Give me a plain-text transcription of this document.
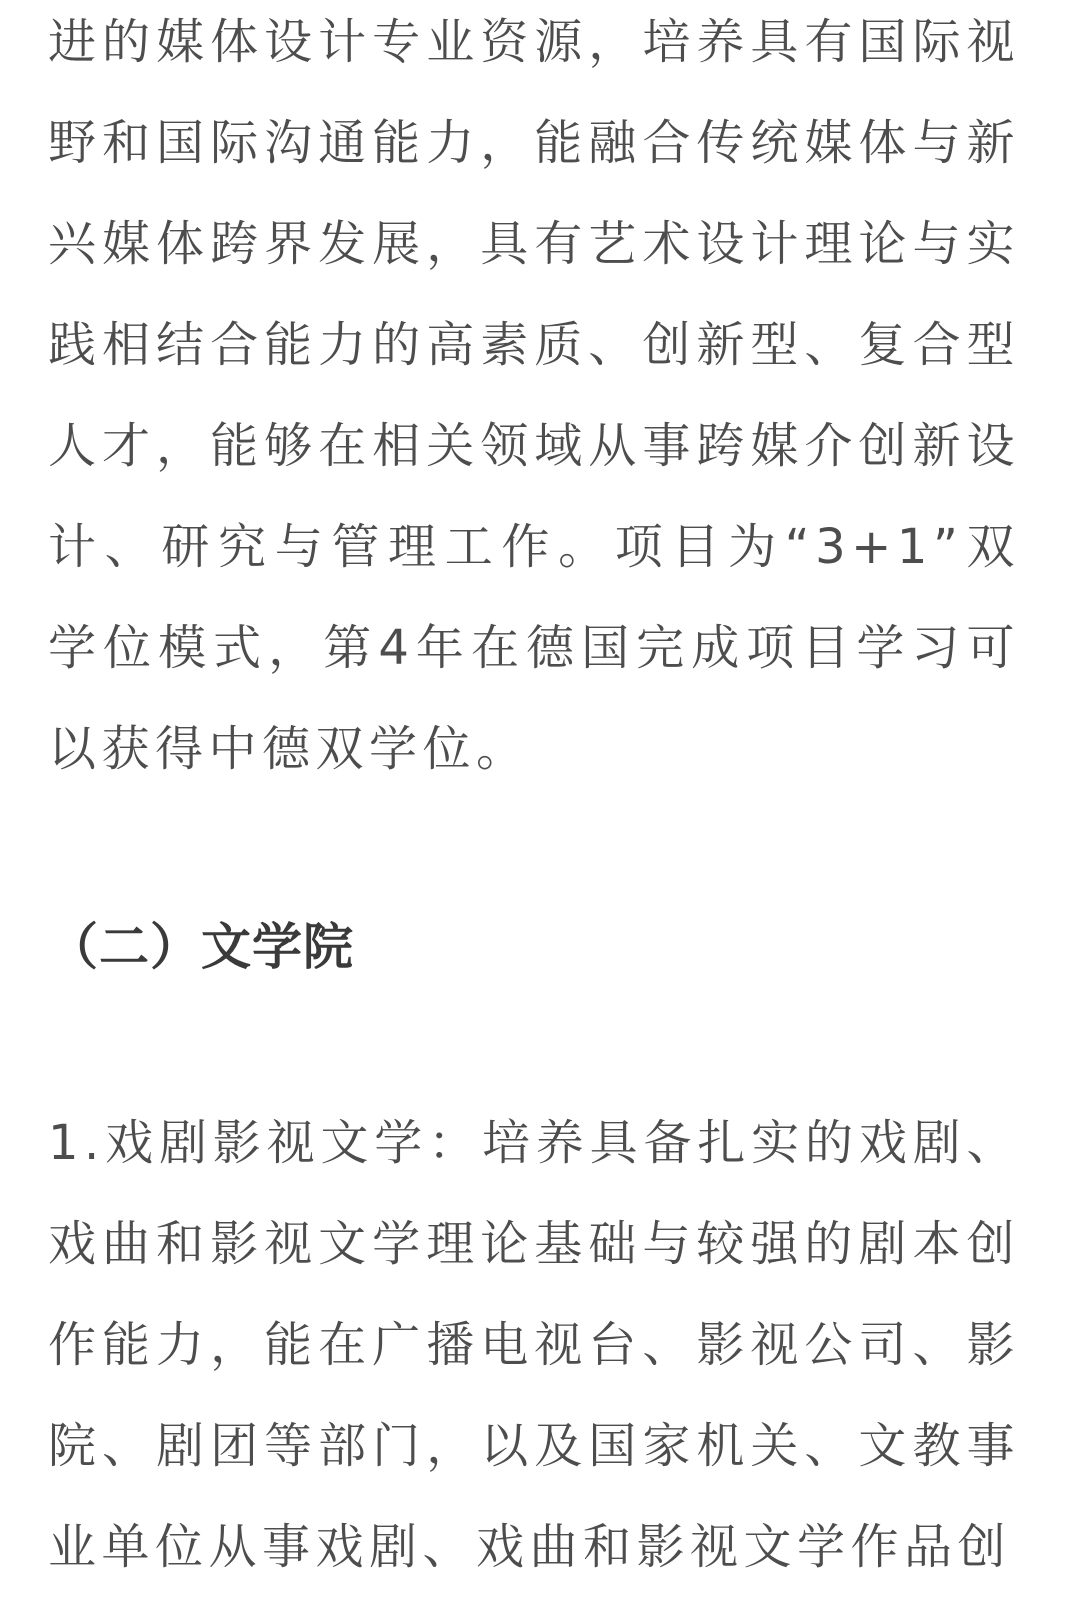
进的媒体设计专业资源，培养具有国际视野和国际沟通能力，能融合传统媒体与新兴媒体跨界发展，具有艺术设计理论与实践相结合能力的高素质、创新型、复合型人才，能够在相关领域从事跨媒介创新设计、研究与管理工作。项目为“3+1”双学位模式，第4年在德国完成项目学习可以获得中德双学位。

（二）文学院

1.戏剧影视文学：培养具备扎实的戏剧、戏曲和影视文学理论基础与较强的剧本创作能力，能在广播电视台、影视公司、影院、剧团等部门，以及国家机关、文教事业单位从事戏剧、戏曲和影视文学作品创
